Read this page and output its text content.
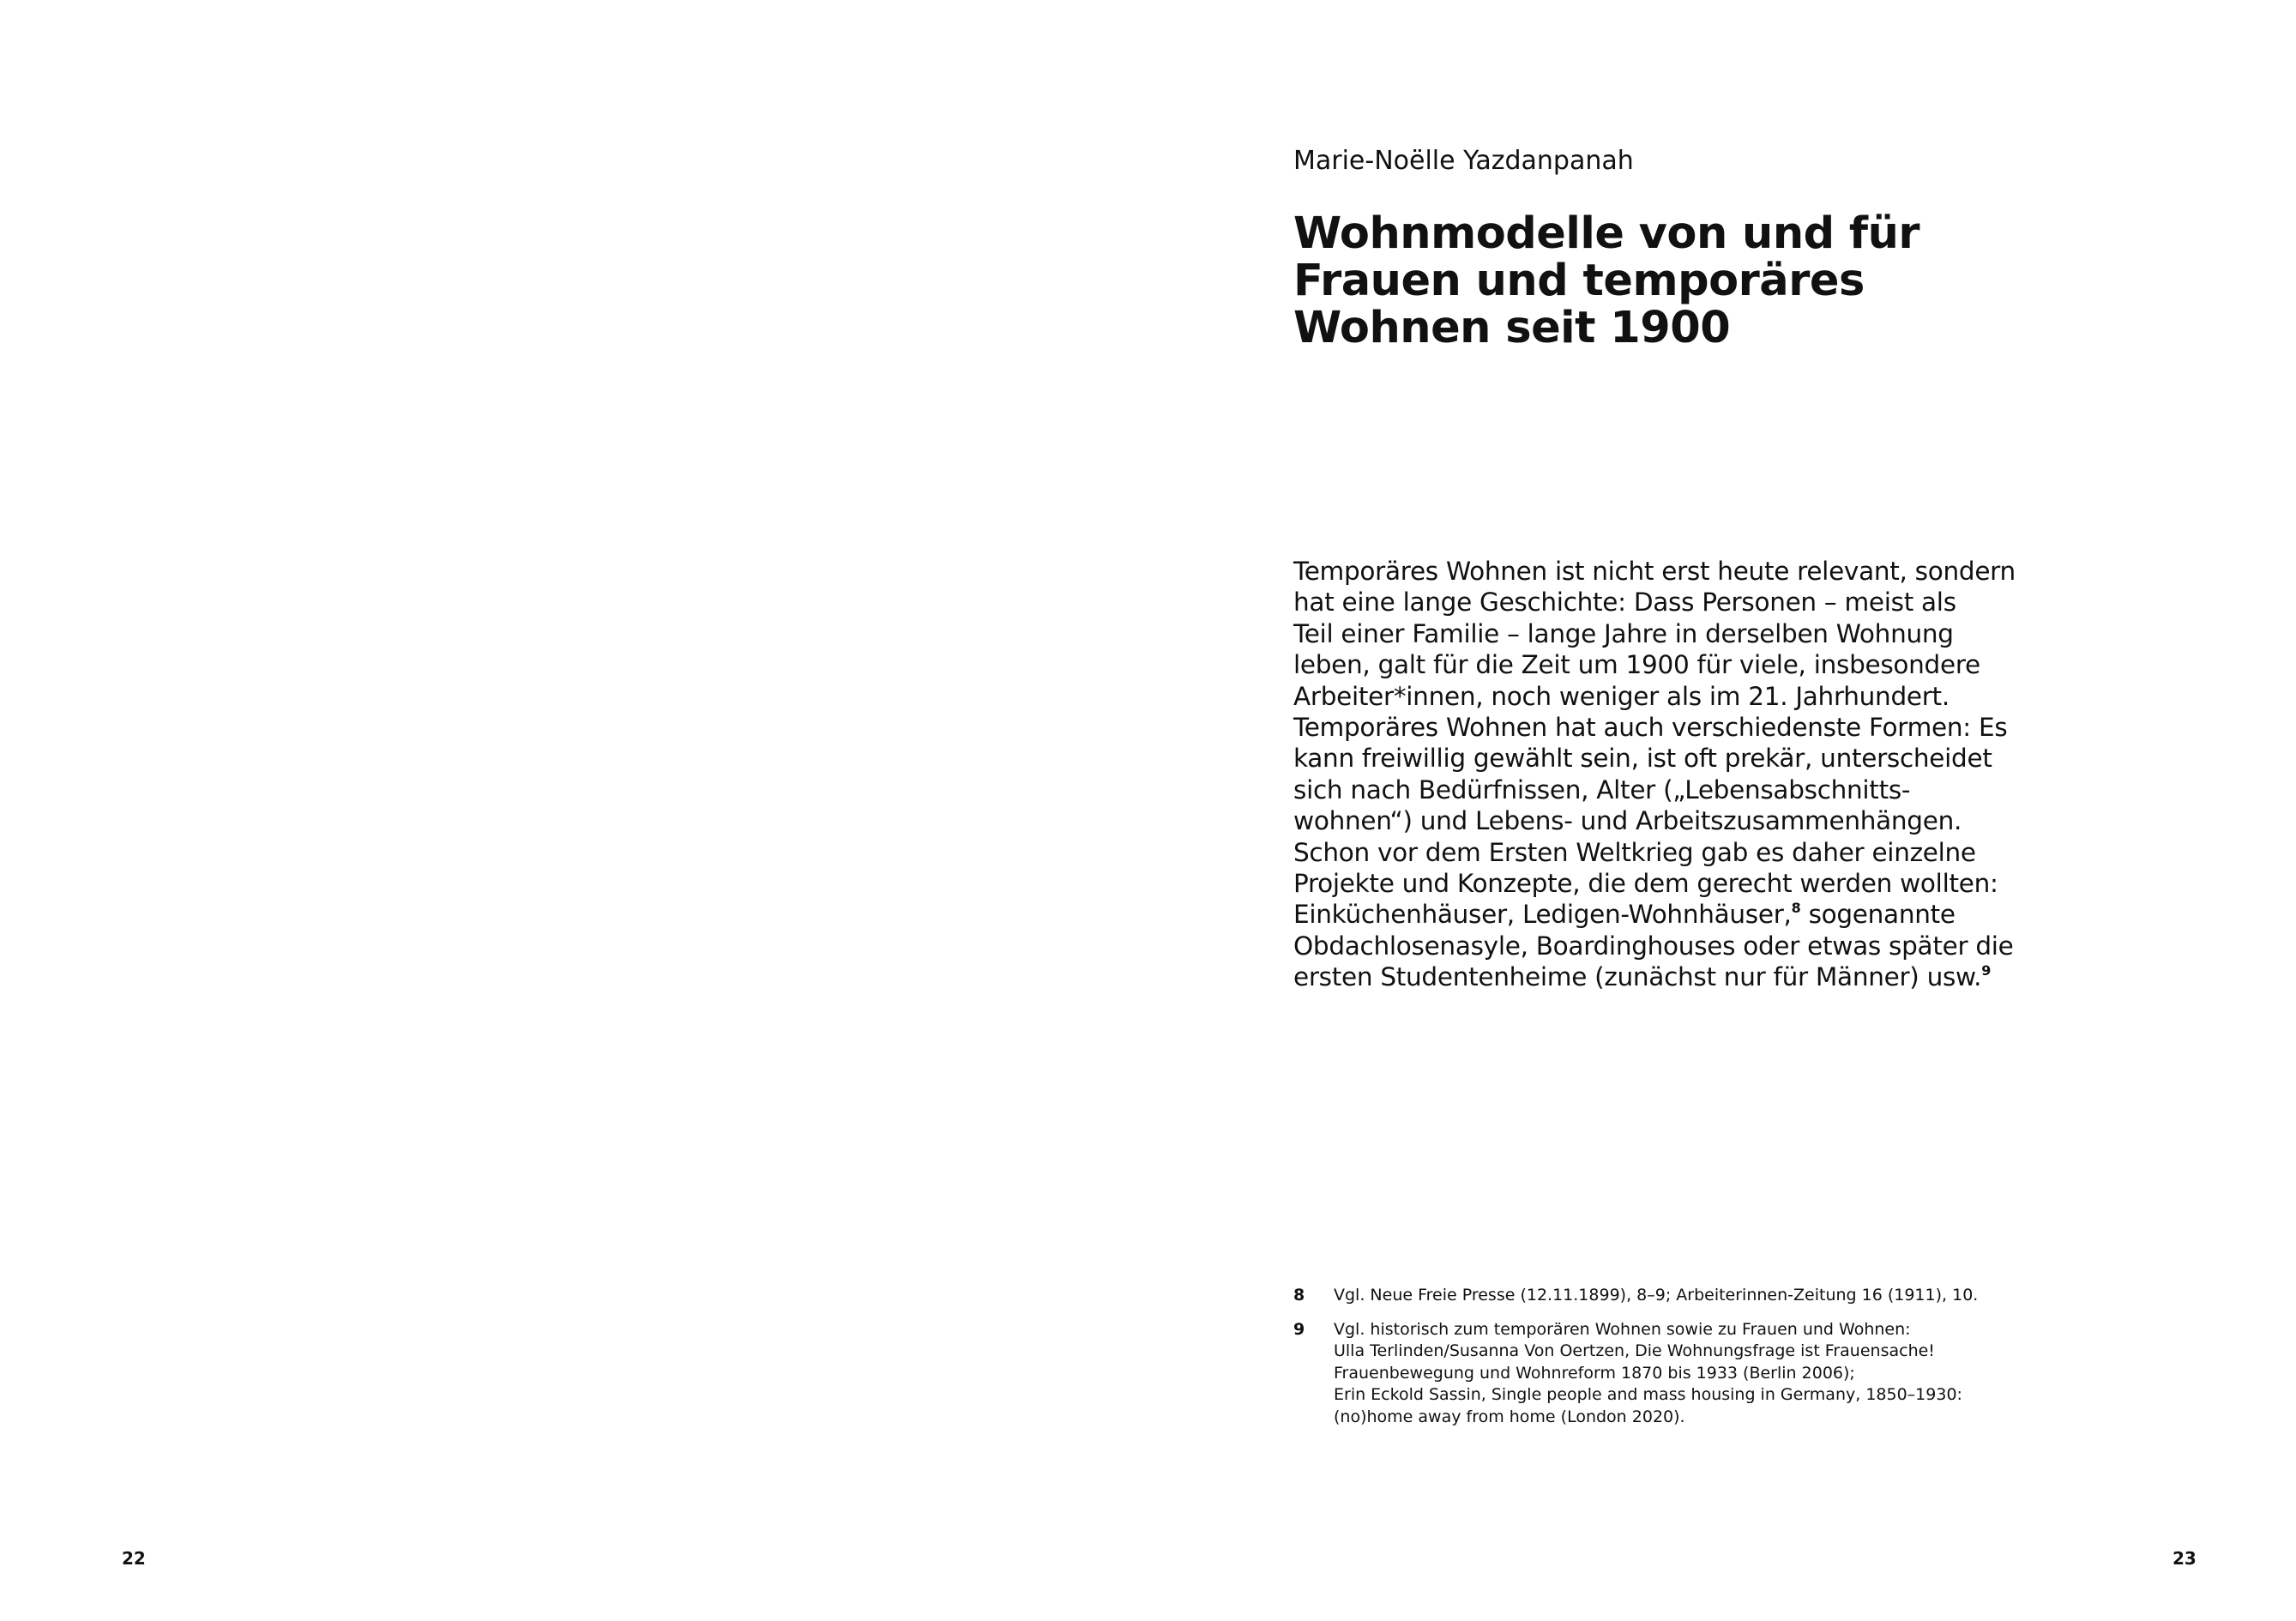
22
Marie-Noëlle Yazdanpanah
Wohnmodelle von und für
Frauen und temporäres
Wohnen seit 1900
Temporäres Wohnen ist nicht erst heute relevant, sondern
hat eine lange Geschichte: Dass Personen – meist als
Teil einer Familie – lange Jahre in derselben Wohnung
leben, galt für die Zeit um 1900 für viele, insbesondere
Arbeiter*innen, noch weniger als im 21. Jahrhundert.
Temporäres Wohnen hat auch verschiedenste Formen: Es
kann freiwillig gewählt sein, ist oft prekär, unterscheidet
sich nach Bedürfnissen, Alter („Lebensabschnitts-
wohnen“) und Lebens- und Arbeitszusammenhängen.
Schon vor dem Ersten Weltkrieg gab es daher einzelne
Projekte und Konzepte, die dem gerecht werden wollten:
Einküchenhäuser, Ledigen-Wohnhäuser,$^8$ sogenannte
Obdachlosenasyle, Boardinghouses oder etwas später die
ersten Studentenheime (zunächst nur für Männer) usw.$^9$
8 Vgl. Neue Freie Presse (12.11.1899), 8–9; Arbeiterinnen-Zeitung 16 (1911), 10.
9 Vgl. historisch zum temporären Wohnen sowie zu Frauen und Wohnen:
Ulla Terlinden/Susanna Von Oertzen, Die Wohnungsfrage ist Frauensache!
Frauenbewegung und Wohnreform 1870 bis 1933 (Berlin 2006);
Erin Eckold Sassin, Single people and mass housing in Germany, 1850–1930:
(no)home away from home (London 2020).
23
